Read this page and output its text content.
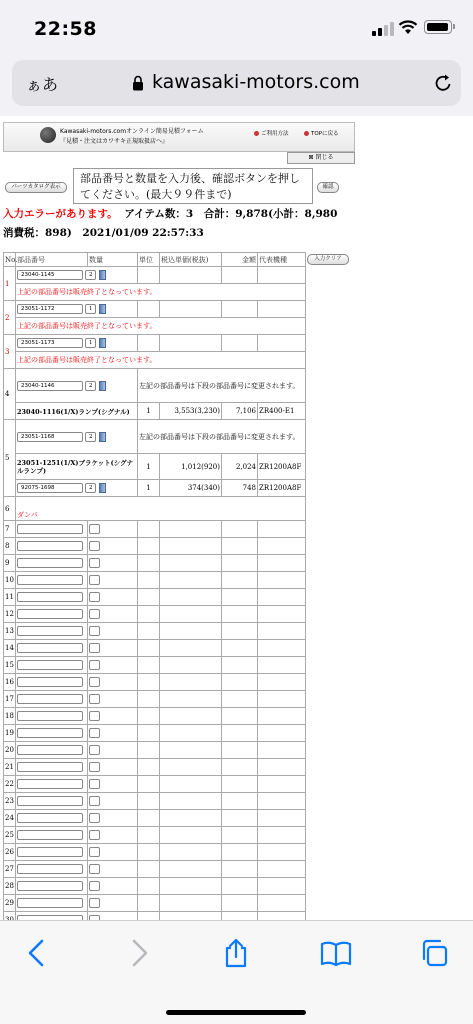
22:58
ぁあ	kawasaki-motors.com
Kawasaki-motors.comオンライン簡易見積フォーム
『見積・注文はカワサキ正規取扱店へ』
ご利用方法	TOPに戻る
⊠ 閉じる
パーツカタログ表示
部品番号と数量を入力後、確認ボタンを押してください。(最大９９件まで)
確認
入力エラーがあります。 アイテム数：3　合計：9,878(小計：8,980
消費税：898)　2021/01/09 22:57:33
No.	部品番号	数量	単位	税込単価(税抜)	金額	代表機種	入力クリア
1	23040-1145 2						
	上記の部品番号は販売終了となっています。						
2	23051-1172 1						
	上記の部品番号は販売終了となっています。						
3	23051-1173 1						
	上記の部品番号は販売終了となっています。						
4	23040-1146 2		左記の部品番号は下段の部品番号に変更されます。				
	23040-1116(1/X)ランプ(シグナル)		1	3,553(3,230)	7,106	ZR400-E1	
5	23051-1168 2		左記の部品番号は下段の部品番号に変更されます。				
	23051-1251(1/X)ブラケット(シグナルランプ)		1	1,012(920)	2,024	ZR1200A8F	
	92075-1698 2		1	374(340)	748	ZR1200A8F	
6	ダンパ						
7							
8							
9							
10							
11							
12							
13							
14							
15							
16							
17							
18							
19							
20							
21							
22							
23							
24							
25							
26							
27							
28							
29							
